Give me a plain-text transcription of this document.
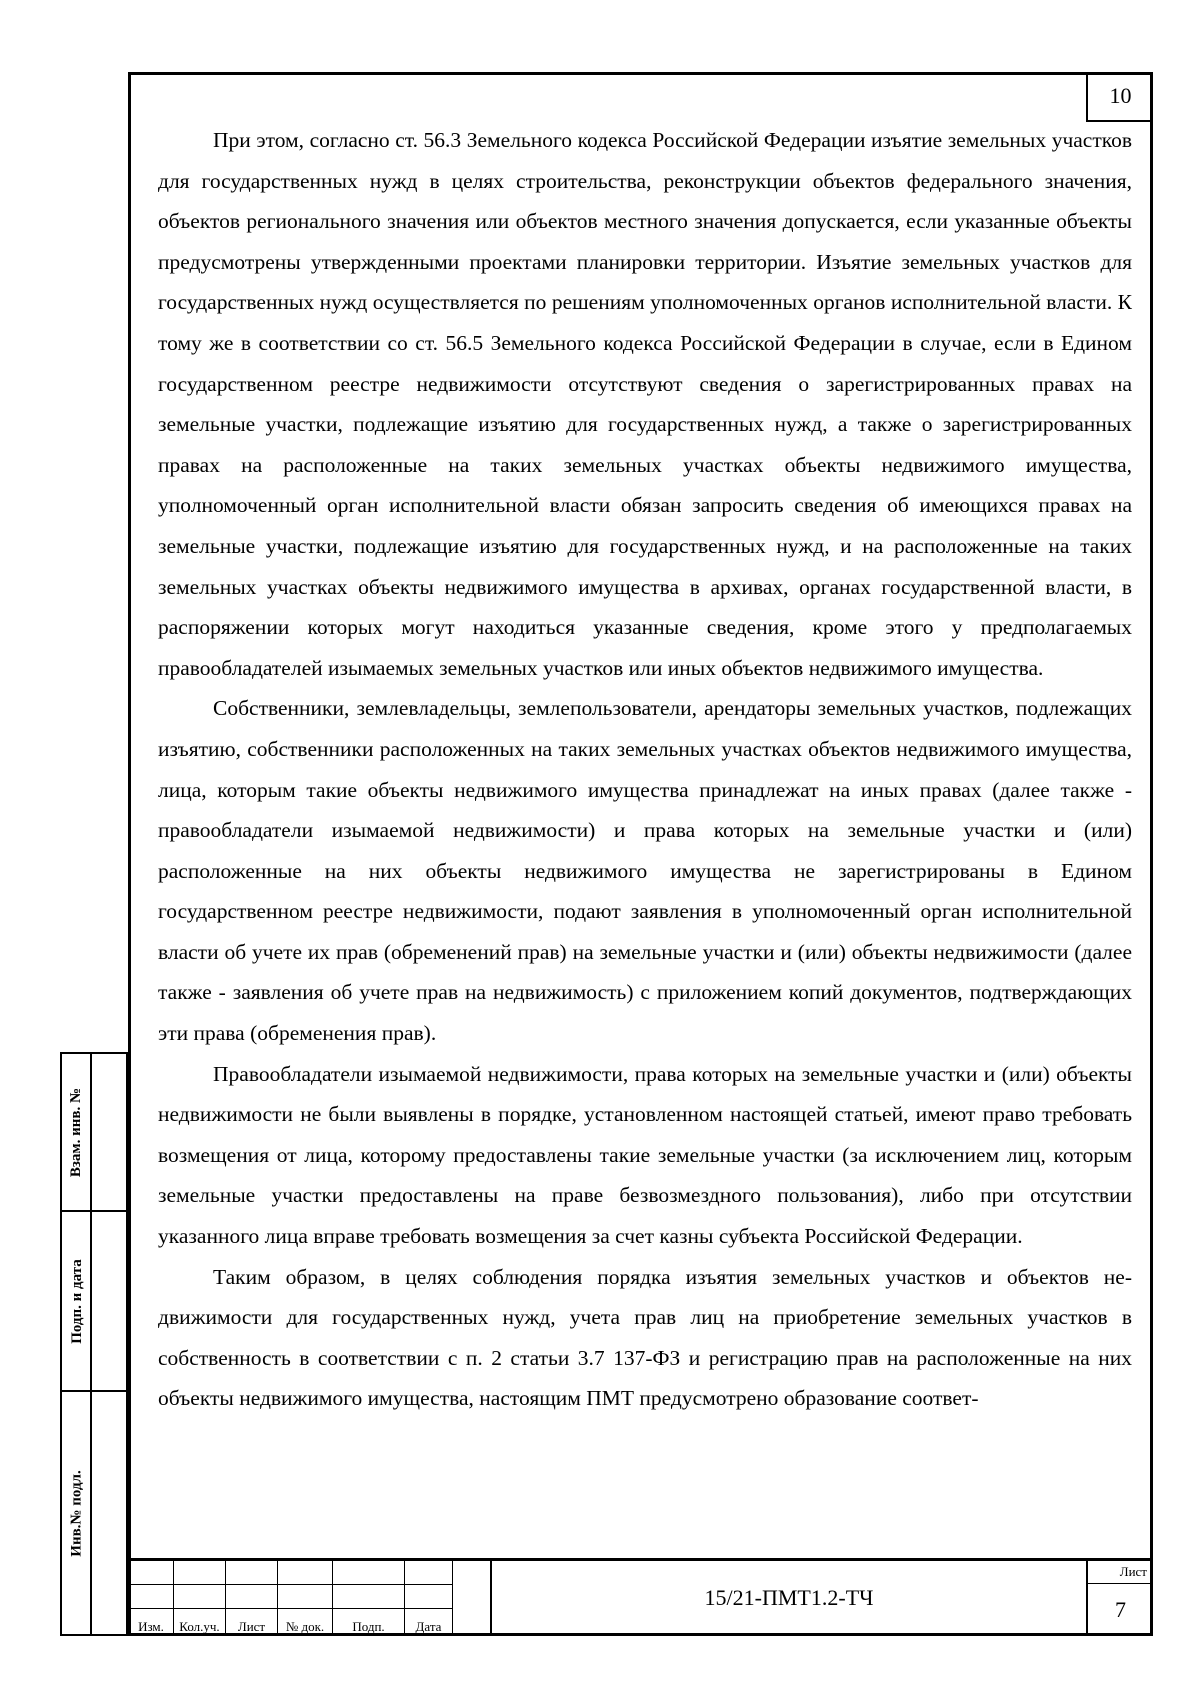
10

При этом, согласно ст. 56.3 Земельного кодекса Российской Федерации изъятие земельных участков для государственных нужд в целях строительства, реконструкции объектов федерального значения, объектов регионального значения или объектов местного значения допускается, если указанные объекты предусмотрены утвержденными проектами планировки территории. Изъятие земельных участков для государственных нужд осуществляется по решениям уполномоченных органов исполнительной власти. К тому же в соответствии со ст. 56.5 Земельного кодекса Российской Федерации в случае, если в Едином государственном реестре недвижимости отсутствуют сведения о зарегистрированных правах на земельные участки, подлежащие изъятию для государственных нужд, а также о зарегистрированных правах на расположенные на таких земельных участках объекты недвижимого имущества, уполномоченный орган исполнительной власти обязан запросить сведения об имеющихся правах на земельные участки, подлежащие изъятию для государственных нужд, и на расположенные на таких земельных участках объекты недвижимого имущества в архивах, органах государственной власти, в распоряжении которых могут находиться указанные сведения, кроме этого у предполагаемых правообладателей изымаемых земельных участков или иных объектов недвижимого имущества.

Собственники, землевладельцы, землепользователи, арендаторы земельных участков, подлежащих изъятию, собственники расположенных на таких земельных участках объектов недвижимого имущества, лица, которым такие объекты недвижимого имущества принадлежат на иных правах (далее также - правообладатели изымаемой недвижимости) и права которых на земельные участки и (или) расположенные на них объекты недвижимого имущества не зарегистрированы в Едином государственном реестре недвижимости, подают заявления в уполномоченный орган исполнительной власти об учете их прав (обременений прав) на земельные участки и (или) объекты недвижимости (далее также - заявления об учете прав на недвижимость) с приложением копий документов, подтверждающих эти права (обременения прав).

Правообладатели изымаемой недвижимости, права которых на земельные участки и (или) объекты недвижимости не были выявлены в порядке, установленном настоящей статьей, имеют право требовать возмещения от лица, которому предоставлены такие земельные участки (за исключением лиц, которым земельные участки предоставлены на праве безвозмездного пользования), либо при отсутствии указанного лица вправе требовать возмещения за счет казны субъекта Российской Федерации.

Таким образом, в целях соблюдения порядка изъятия земельных участков и объектов недвижимости для государственных нужд, учета прав лиц на приобретение земельных участков в собственность в соответствии с п. 2 статьи 3.7 137-ФЗ и регистрацию прав на расположенные на них объекты недвижимого имущества, настоящим ПМТ предусмотрено образование соответ-

Взам. инв. №
Подп. и дата
Инв.№ подл.

Изм.	Кол.уч.	Лист	№ док.	Подп.	Дата
15/21-ПМТ1.2-ТЧ
Лист
7
